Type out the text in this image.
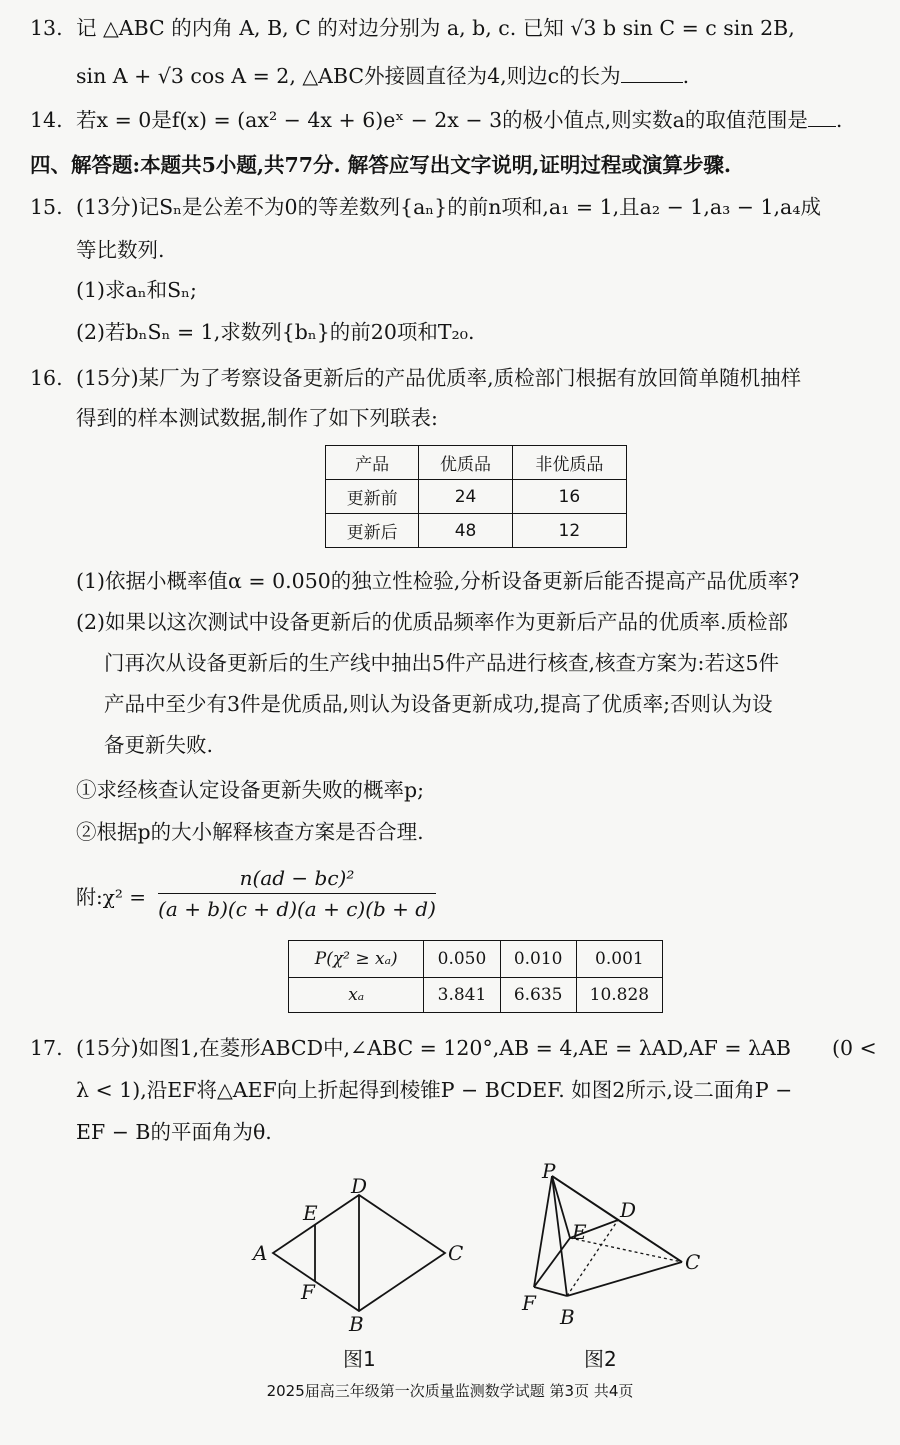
13. 记 △ABC 的内角 A, B, C 的对边分别为 a, b, c. 已知 √3 b sin C = c sin 2B,
sin A + √3 cos A = 2, △ABC外接圆直径为4,则边c的长为	.
14. 若x = 0是f(x) = (ax² − 4x + 6)eˣ − 2x − 3的极小值点,则实数a的取值范围是 .
四、解答题:本题共5小题,共77分. 解答应写出文字说明,证明过程或演算步骤.
15. (13分)记Sₙ是公差不为0的等差数列{aₙ}的前n项和,a₁ = 1,且a₂ − 1,a₃ − 1,a₄成
等比数列.
(1)求aₙ和Sₙ;
(2)若bₙSₙ = 1,求数列{bₙ}的前20项和T₂₀.
16. (15分)某厂为了考察设备更新后的产品优质率,质检部门根据有放回简单随机抽样
得到的样本测试数据,制作了如下列联表:
产品	优质品	非优质品
更新前	24	16
更新后	48	12
(1)依据小概率值α = 0.050的独立性检验,分析设备更新后能否提高产品优质率?
(2)如果以这次测试中设备更新后的优质品频率作为更新后产品的优质率.质检部
门再次从设备更新后的生产线中抽出5件产品进行核查,核查方案为:若这5件
产品中至少有3件是优质品,则认为设备更新成功,提高了优质率;否则认为设
备更新失败.
①求经核查认定设备更新失败的概率p;
②根据p的大小解释核查方案是否合理.
附:χ² =
n(ad − bc)²
(a + b)(c + d)(a + c)(b + d)
P(χ² ≥ xₐ)	0.050	0.010	0.001
xₐ	3.841	6.635	10.828
17. (15分)如图1,在菱形ABCD中,∠ABC = 120°,AB = 4,AE = λAD,AF = λAB (0 <
λ < 1),沿EF将△AEF向上折起得到棱锥P − BCDEF. 如图2所示,设二面角P −
EF − B的平面角为θ.
A
D
E
C
F
B
图1
P
E
D
C
F
B
图2
2025届高三年级第一次质量监测数学试题 第3页 共4页
